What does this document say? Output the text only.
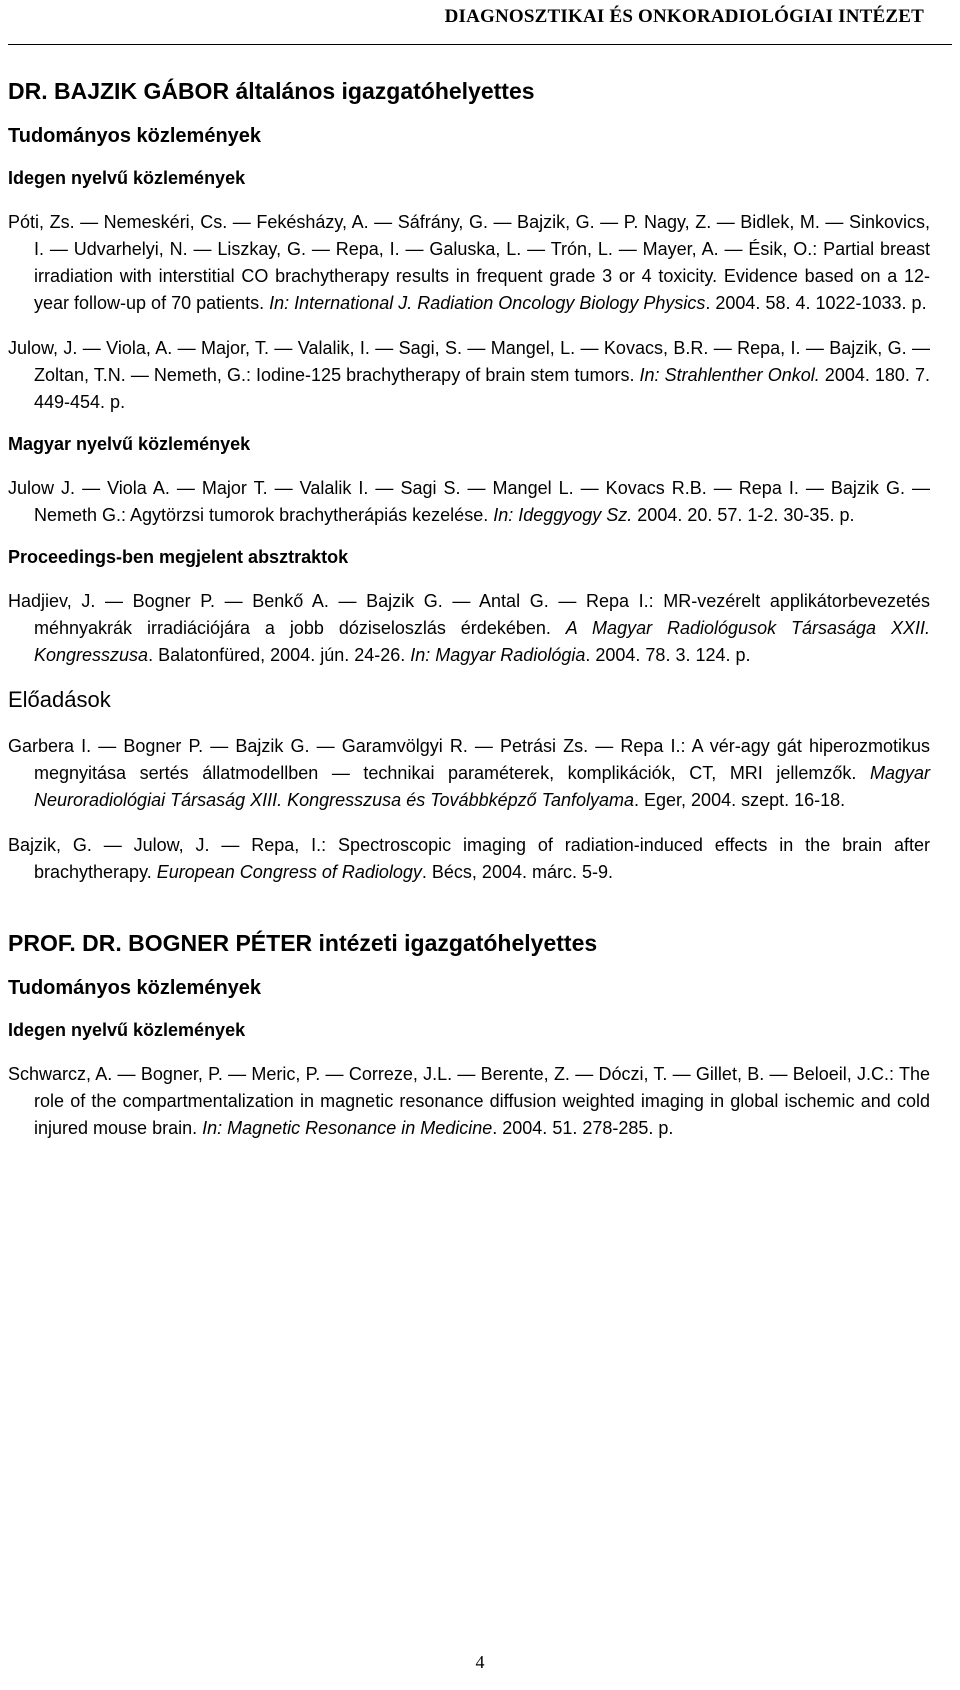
DIAGNOSZTIKAI ÉS ONKORADIOLÓGIAI INTÉZET
DR. BAJZIK GÁBOR általános igazgatóhelyettes
Tudományos közlemények
Idegen nyelvű közlemények

Póti, Zs. — Nemeskéri, Cs. — Fekésházy, A. — Sáfrány, G. — Bajzik, G. — P. Nagy, Z. — Bidlek, M. — Sinkovics, I. — Udvarhelyi, N. — Liszkay, G. — Repa, I. — Galuska, L. — Trón, L. — Mayer, A. — Ésik, O.: Partial breast irradiation with interstitial CO brachytherapy results in frequent grade 3 or 4 toxicity. Evidence based on a 12-year follow-up of 70 patients. In: International J. Radiation Oncology Biology Physics. 2004. 58. 4. 1022-1033. p.

Julow, J. — Viola, A. — Major, T. — Valalik, I. — Sagi, S. — Mangel, L. — Kovacs, B.R. — Repa, I. — Bajzik, G. — Zoltan, T.N. — Nemeth, G.: Iodine-125 brachytherapy of brain stem tumors. In: Strahlenther Onkol. 2004. 180. 7. 449-454. p.

Magyar nyelvű közlemények

Julow J. — Viola A. — Major T. — Valalik I. — Sagi S. — Mangel L. — Kovacs R.B. — Repa I. — Bajzik G. — Nemeth G.: Agytörzsi tumorok brachytherápiás kezelése. In: Ideggyogy Sz. 2004. 20. 57. 1-2. 30-35. p.

Proceedings-ben megjelent absztraktok

Hadjiev, J. — Bogner P. — Benkő A. — Bajzik G. — Antal G. — Repa I.: MR-vezérelt applikátorbevezetés méhnyakrák irradiációjára a jobb dóziseloszlás érdekében. A Magyar Radiológusok Társasága XXII. Kongresszusa. Balatonfüred, 2004. jún. 24-26. In: Magyar Radiológia. 2004. 78. 3. 124. p.

Előadások

Garbera I. — Bogner P. — Bajzik G. — Garamvölgyi R. — Petrási Zs. — Repa I.: A vér-agy gát hiperozmotikus megnyitása sertés állatmodellben — technikai paraméterek, komplikációk, CT, MRI jellemzők. Magyar Neuroradiológiai Társaság XIII. Kongresszusa és Továbbképző Tanfolyama. Eger, 2004. szept. 16-18.

Bajzik, G. — Julow, J. — Repa, I.: Spectroscopic imaging of radiation-induced effects in the brain after brachytherapy. European Congress of Radiology. Bécs, 2004. márc. 5-9.

PROF. DR. BOGNER PÉTER intézeti igazgatóhelyettes
Tudományos közlemények
Idegen nyelvű közlemények

Schwarcz, A. — Bogner, P. — Meric, P. — Correze, J.L. — Berente, Z. — Dóczi, T. — Gillet, B. — Beloeil, J.C.: The role of the compartmentalization in magnetic resonance diffusion weighted imaging in global ischemic and cold injured mouse brain. In: Magnetic Resonance in Medicine. 2004. 51. 278-285. p.

4
